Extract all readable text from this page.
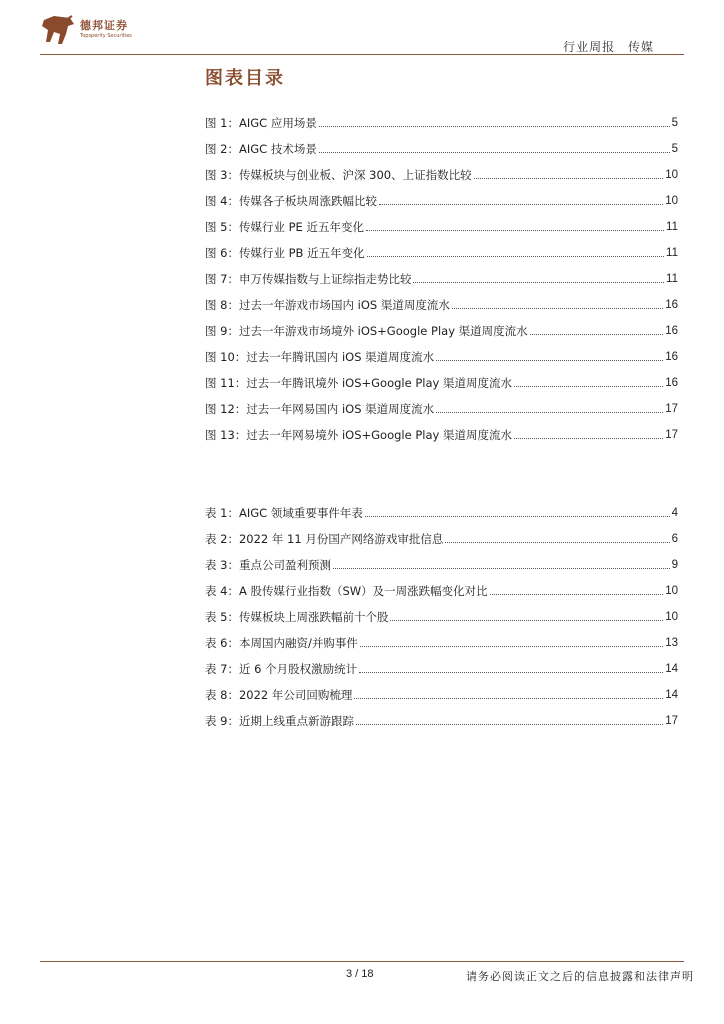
德邦证券
Topsperity Securities
行业周报 传媒
图表目录
图 1：AIGC 应用场景	5
图 2：AIGC 技术场景	5
图 3：传媒板块与创业板、沪深 300、上证指数比较	10
图 4：传媒各子板块周涨跌幅比较	10
图 5：传媒行业 PE 近五年变化	11
图 6：传媒行业 PB 近五年变化	11
图 7：申万传媒指数与上证综指走势比较	11
图 8：过去一年游戏市场国内 iOS 渠道周度流水	16
图 9：过去一年游戏市场境外 iOS+Google Play 渠道周度流水	16
图 10：过去一年腾讯国内 iOS 渠道周度流水	16
图 11：过去一年腾讯境外 iOS+Google Play 渠道周度流水	16
图 12：过去一年网易国内 iOS 渠道周度流水	17
图 13：过去一年网易境外 iOS+Google Play 渠道周度流水	17
表 1：AIGC 领域重要事件年表	4
表 2：2022 年 11 月份国产网络游戏审批信息	6
表 3：重点公司盈利预测	9
表 4：A 股传媒行业指数（SW）及一周涨跌幅变化对比	10
表 5：传媒板块上周涨跌幅前十个股	10
表 6：本周国内融资/并购事件	13
表 7：近 6 个月股权激励统计	14
表 8：2022 年公司回购梳理	14
表 9：近期上线重点新游跟踪	17
3 / 18	请务必阅读正文之后的信息披露和法律声明
